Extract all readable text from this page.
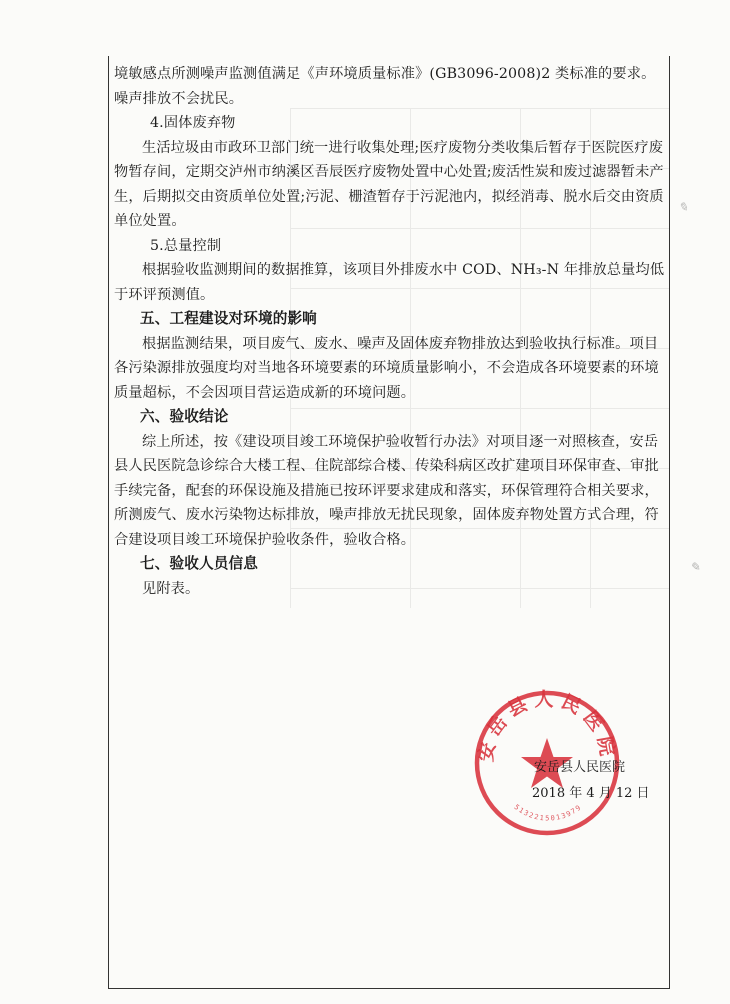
境敏感点所测噪声监测值满足《声环境质量标准》(GB3096-2008)2 类标准的要求。噪声排放不会扰民。

4.固体废弃物

生活垃圾由市政环卫部门统一进行收集处理;医疗废物分类收集后暂存于医院医疗废物暂存间，定期交泸州市纳溪区吾辰医疗废物处置中心处置;废活性炭和废过滤器暂未产生，后期拟交由资质单位处置;污泥、栅渣暂存于污泥池内，拟经消毒、脱水后交由资质单位处置。

5.总量控制

根据验收监测期间的数据推算，该项目外排废水中 COD、NH₃-N 年排放总量均低于环评预测值。

五、工程建设对环境的影响

根据监测结果，项目废气、废水、噪声及固体废弃物排放达到验收执行标准。项目各污染源排放强度均对当地各环境要素的环境质量影响小，不会造成各环境要素的环境质量超标，不会因项目营运造成新的环境问题。

六、验收结论

综上所述，按《建设项目竣工环境保护验收暂行办法》对项目逐一对照核查，安岳县人民医院急诊综合大楼工程、住院部综合楼、传染科病区改扩建项目环保审查、审批手续完备，配套的环保设施及措施已按环评要求建成和落实，环保管理符合相关要求，所测废气、废水污染物达标排放，噪声排放无扰民现象，固体废弃物处置方式合理，符合建设项目竣工环境保护验收条件，验收合格。

七、验收人员信息

见附表。

安岳县人民医院
5132215013979
安岳县人民医院
2018 年 4 月 12 日
✎
✎
